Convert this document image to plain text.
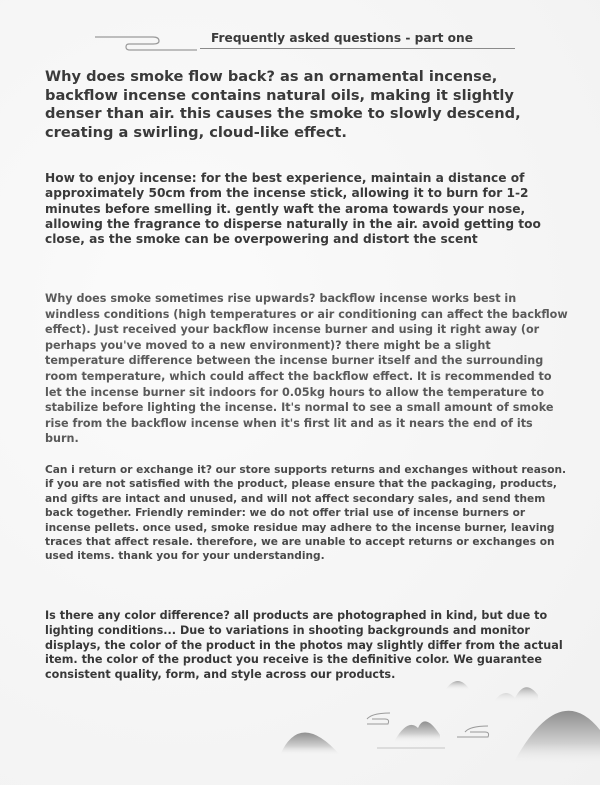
Frequently asked questions - part one

Why does smoke flow back? as an ornamental incense, backflow incense contains natural oils, making it slightly denser than air. this causes the smoke to slowly descend, creating a swirling, cloud-like effect.

How to enjoy incense: for the best experience, maintain a distance of approximately 50cm from the incense stick, allowing it to burn for 1-2 minutes before smelling it. gently waft the aroma towards your nose, allowing the fragrance to disperse naturally in the air. avoid getting too close, as the smoke can be overpowering and distort the scent

Why does smoke sometimes rise upwards? backflow incense works best in windless conditions (high temperatures or air conditioning can affect the backflow effect). Just received your backflow incense burner and using it right away (or perhaps you've moved to a new environment)? there might be a slight temperature difference between the incense burner itself and the surrounding room temperature, which could affect the backflow effect. It is recommended to let the incense burner sit indoors for 0.05kg hours to allow the temperature to stabilize before lighting the incense. It's normal to see a small amount of smoke rise from the backflow incense when it's first lit and as it nears the end of its burn.

Can i return or exchange it? our store supports returns and exchanges without reason. if you are not satisfied with the product, please ensure that the packaging, products, and gifts are intact and unused, and will not affect secondary sales, and send them back together. Friendly reminder: we do not offer trial use of incense burners or incense pellets. once used, smoke residue may adhere to the incense burner, leaving traces that affect resale. therefore, we are unable to accept returns or exchanges on used items. thank you for your understanding.

Is there any color difference? all products are photographed in kind, but due to lighting conditions... Due to variations in shooting backgrounds and monitor displays, the color of the product in the photos may slightly differ from the actual item. the color of the product you receive is the definitive color. We guarantee consistent quality, form, and style across our products.
